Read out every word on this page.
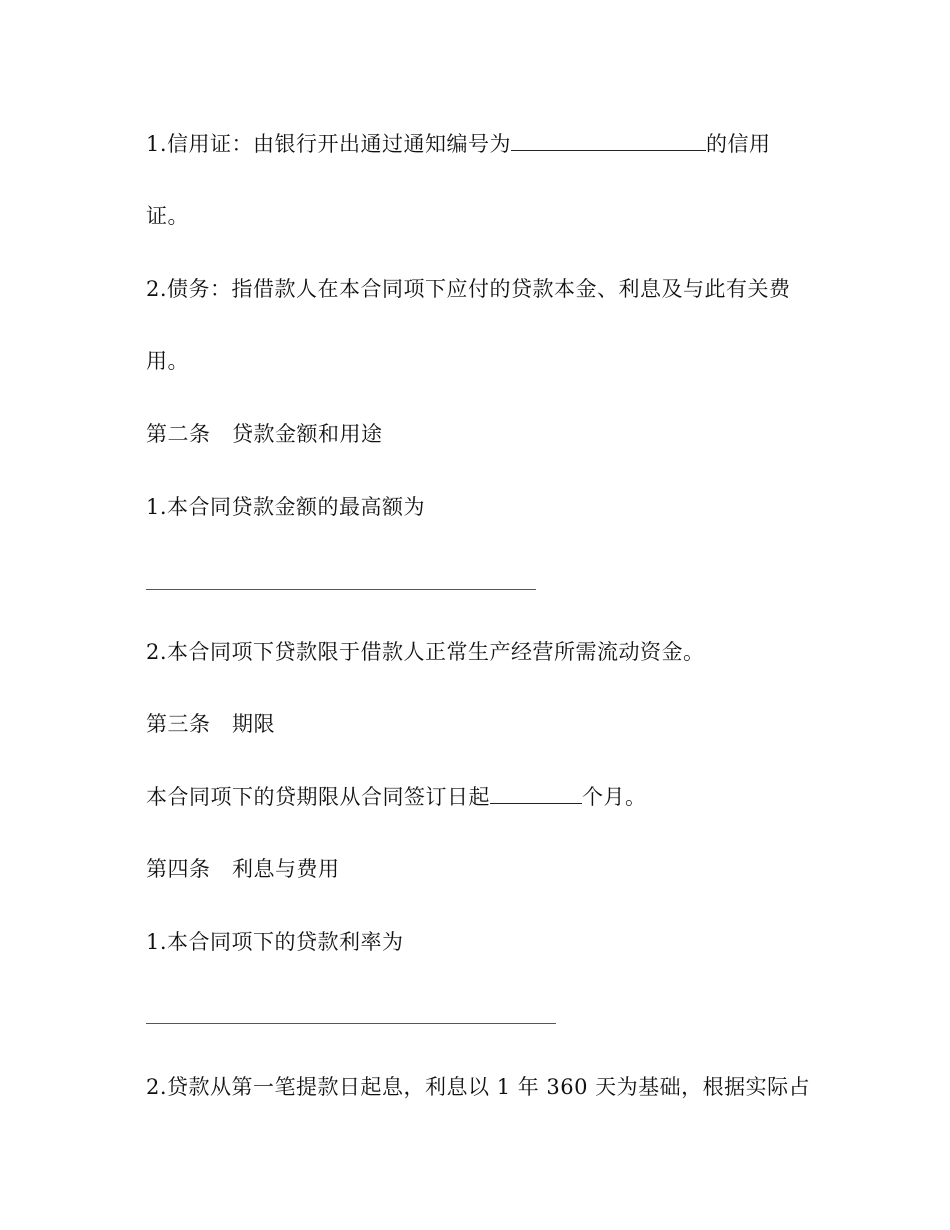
1.信用证：由银行开出通过通知编号为	的信用
证。
2.债务：指借款人在本合同项下应付的贷款本金、利息及与此有关费
用。
第二条　贷款金额和用途
1.本合同贷款金额的最高额为
2.本合同项下贷款限于借款人正常生产经营所需流动资金。
第三条　期限
本合同项下的贷期限从合同签订日起	个月。
第四条　利息与费用
1.本合同项下的贷款利率为
2.贷款从第一笔提款日起息，利息以 1 年 360 天为基础，根据实际占
